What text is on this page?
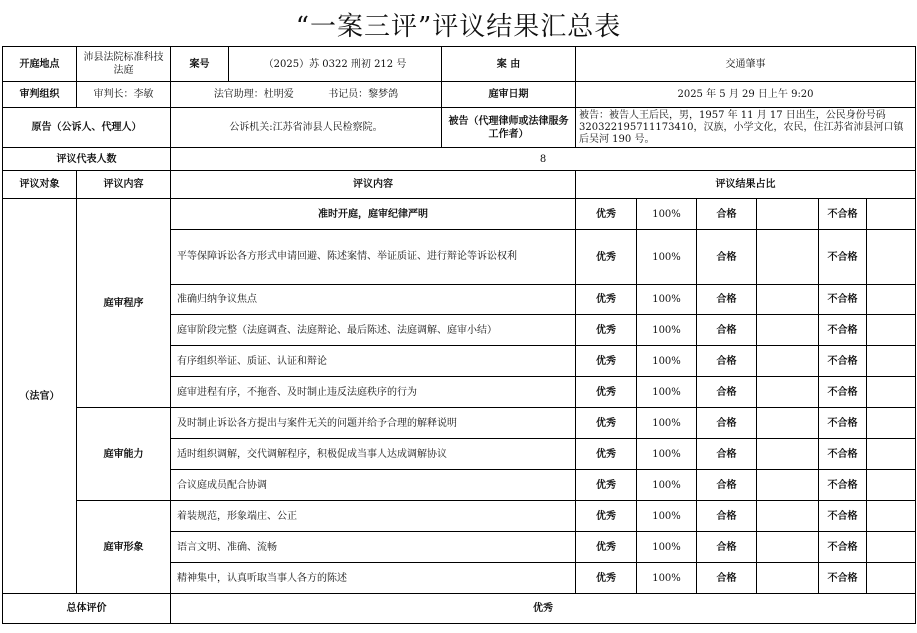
“一案三评”评议结果汇总表
开庭地点	沛县法院标准科技法庭	案号	（2025）苏 0322 刑初 212 号	案 由	交通肇事					
审判组织	审判长：李敏	法官助理：杜明爱 书记员：黎梦鸽		庭审日期	2025 年 5 月 29 日上午 9:20					
原告（公诉人、代理人）		公诉机关:江苏省沛县人民检察院。		被告（代理律师或法律服务工作者）	被告：被告人王后民，男，1957 年 11 月 17 日出生，公民身份号码 320322195711173410，汉族，小学文化，农民，住江苏省沛县河口镇后吴河 190 号。					
评议代表人数		8								
评议对象	评议内容	评议内容			评议结果占比					
（法官）	庭审程序	准时开庭，庭审纪律严明			优秀	100%	合格		不合格	
		平等保障诉讼各方形式申请回避、陈述案情、举证质证、进行辩论等诉讼权利			优秀	100%	合格		不合格	
		准确归纳争议焦点			优秀	100%	合格		不合格	
		庭审阶段完整（法庭调查、法庭辩论、最后陈述、法庭调解、庭审小结）			优秀	100%	合格		不合格	
		有序组织举证、质证、认证和辩论			优秀	100%	合格		不合格	
		庭审进程有序，不拖沓、及时制止违反法庭秩序的行为			优秀	100%	合格		不合格	
	庭审能力	及时制止诉讼各方提出与案件无关的问题并给予合理的解释说明			优秀	100%	合格		不合格	
		适时组织调解，交代调解程序，积极促成当事人达成调解协议			优秀	100%	合格		不合格	
		合议庭成员配合协调			优秀	100%	合格		不合格	
	庭审形象	着装规范，形象端庄、公正			优秀	100%	合格		不合格	
		语言文明、准确、流畅			优秀	100%	合格		不合格	
		精神集中，认真听取当事人各方的陈述			优秀	100%	合格		不合格	
总体评价		优秀								
